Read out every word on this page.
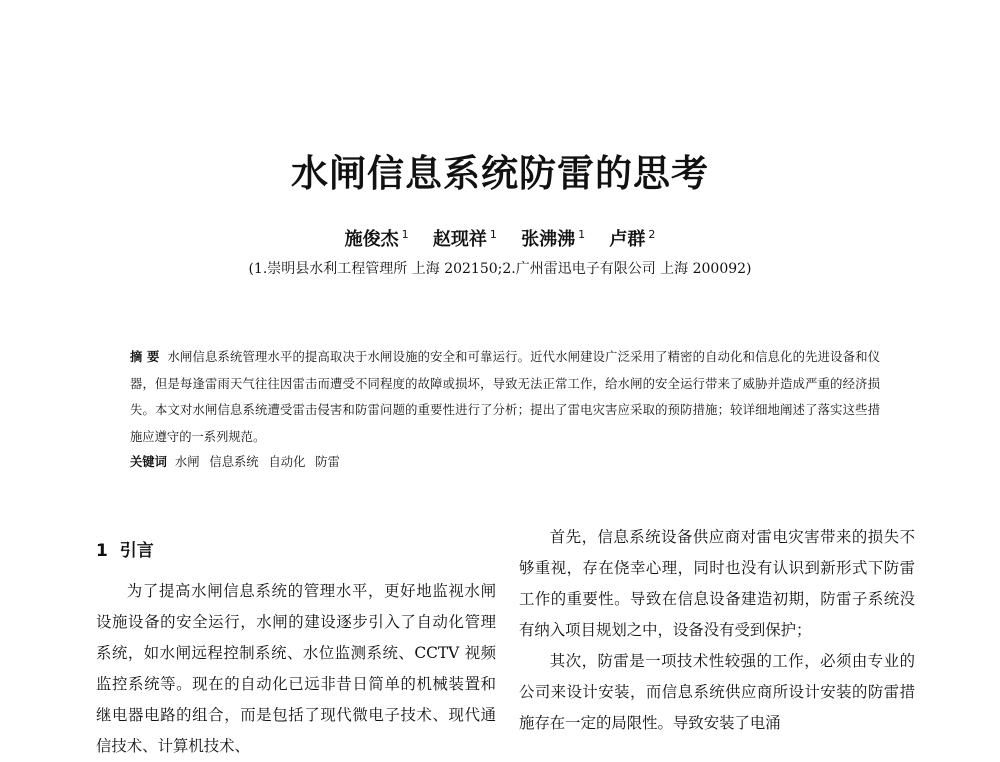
水闸信息系统防雷的思考
施俊杰 $^1$ 赵现祥 $^1$ 张沸沸 $^1$ 卢群 $^2$
(1.崇明县水利工程管理所 上海 202150;2.广州雷迅电子有限公司 上海 200092)
摘 要 水闸信息系统管理水平的提高取决于水闸设施的安全和可靠运行。近代水闸建设广泛采用了精密的自动化和信息化的先进设备和仪器，但是每逢雷雨天气往往因雷击而遭受不同程度的故障或损坏，导致无法正常工作，给水闸的安全运行带来了威胁并造成严重的经济损失。本文对水闸信息系统遭受雷击侵害和防雷问题的重要性进行了分析；提出了雷电灾害应采取的预防措施；较详细地阐述了落实这些措施应遵守的一系列规范。
关键词 水闸 信息系统 自动化 防雷
1 引言

为了提高水闸信息系统的管理水平，更好地监视水闸设施设备的安全运行，水闸的建设逐步引入了自动化管理系统，如水闸远程控制系统、水位监测系统、CCTV 视频监控系统等。现在的自动化已远非昔日简单的机械装置和继电器电路的组合，而是包括了现代微电子技术、现代通信技术、计算机技术、

首先，信息系统设备供应商对雷电灾害带来的损失不够重视，存在侥幸心理，同时也没有认识到新形式下防雷工作的重要性。导致在信息设备建造初期，防雷子系统没有纳入项目规划之中，设备没有受到保护；

其次，防雷是一项技术性较强的工作，必须由专业的公司来设计安装，而信息系统供应商所设计安装的防雷措施存在一定的局限性。导致安装了电涌
